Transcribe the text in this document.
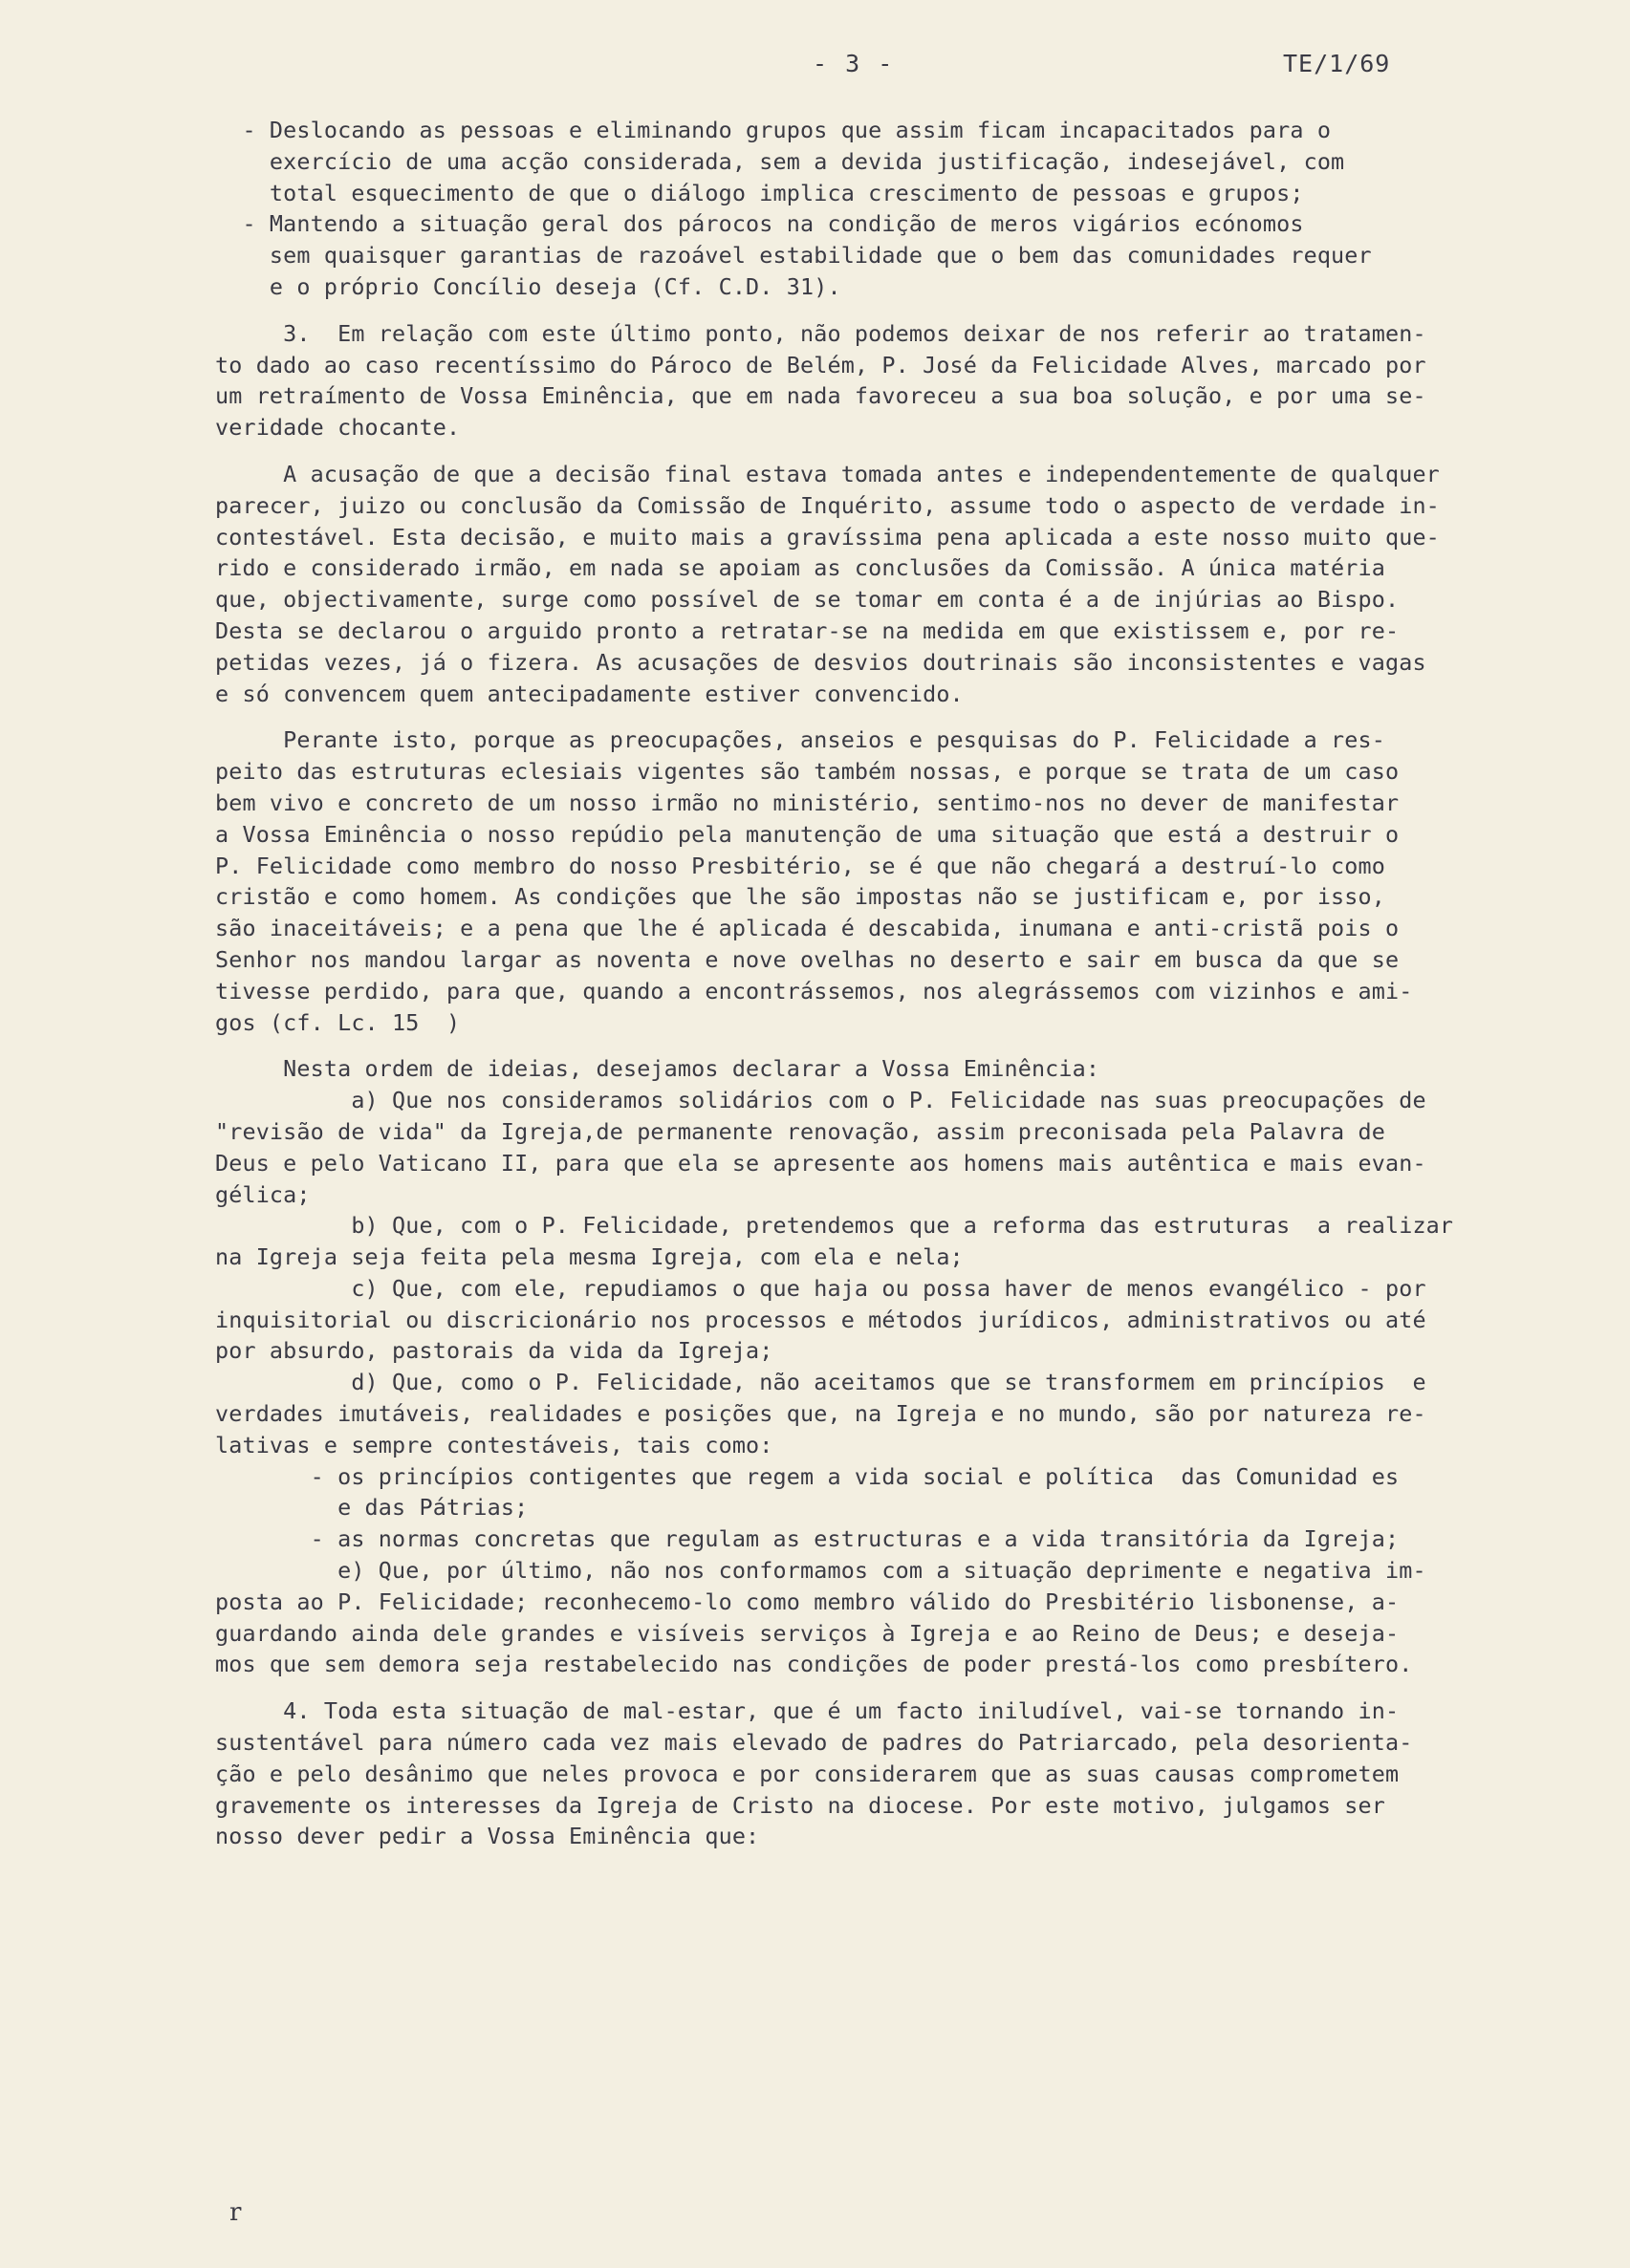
- 3 -	TE/1/69

- Deslocando as pessoas e eliminando grupos que assim ficam incapacitados para o

exercício de uma acção considerada, sem a devida justificação, indesejável, com

total esquecimento de que o diálogo implica crescimento de pessoas e grupos;

- Mantendo a situação geral dos párocos na condição de meros vigários ecónomos

sem quaisquer garantias de razoável estabilidade que o bem das comunidades requer

e o próprio Concílio deseja (Cf. C.D. 31).

3.  Em relação com este último ponto, não podemos deixar de nos referir ao tratamen-

to dado ao caso recentíssimo do Pároco de Belém, P. José da Felicidade Alves, marcado por

um retraímento de Vossa Eminência, que em nada favoreceu a sua boa solução, e por uma se-

veridade chocante.

A acusação de que a decisão final estava tomada antes e independentemente de qualquer

parecer, juizo ou conclusão da Comissão de Inquérito, assume todo o aspecto de verdade in-

contestável. Esta decisão, e muito mais a gravíssima pena aplicada a este nosso muito que-

rido e considerado irmão, em nada se apoiam as conclusões da Comissão. A única matéria

que, objectivamente, surge como possível de se tomar em conta é a de injúrias ao Bispo.

Desta se declarou o arguido pronto a retratar-se na medida em que existissem e, por re-

petidas vezes, já o fizera. As acusações de desvios doutrinais são inconsistentes e vagas

e só convencem quem antecipadamente estiver convencido.

Perante isto, porque as preocupações, anseios e pesquisas do P. Felicidade a res-

peito das estruturas eclesiais vigentes são também nossas, e porque se trata de um caso

bem vivo e concreto de um nosso irmão no ministério, sentimo-nos no dever de manifestar

a Vossa Eminência o nosso repúdio pela manutenção de uma situação que está a destruir o

P. Felicidade como membro do nosso Presbitério, se é que não chegará a destruí-lo como

cristão e como homem. As condições que lhe são impostas não se justificam e, por isso,

são inaceitáveis; e a pena que lhe é aplicada é descabida, inumana e anti-cristã pois o

Senhor nos mandou largar as noventa e nove ovelhas no deserto e sair em busca da que se

tivesse perdido, para que, quando a encontrássemos, nos alegrássemos com vizinhos e ami-

gos (cf. Lc. 15  )

Nesta ordem de ideias, desejamos declarar a Vossa Eminência:

a) Que nos consideramos solidários com o P. Felicidade nas suas preocupações de

"revisão de vida" da Igreja,de permanente renovação, assim preconisada pela Palavra de

Deus e pelo Vaticano II, para que ela se apresente aos homens mais autêntica e mais evan-

gélica;

b) Que, com o P. Felicidade, pretendemos que a reforma das estruturas  a realizar

na Igreja seja feita pela mesma Igreja, com ela e nela;

c) Que, com ele, repudiamos o que haja ou possa haver de menos evangélico - por

inquisitorial ou discricionário nos processos e métodos jurídicos, administrativos ou até

por absurdo, pastorais da vida da Igreja;

d) Que, como o P. Felicidade, não aceitamos que se transformem em princípios  e

verdades imutáveis, realidades e posições que, na Igreja e no mundo, são por natureza re-

lativas e sempre contestáveis, tais como:

- os princípios contigentes que regem a vida social e política  das Comunidad es

e das Pátrias;

- as normas concretas que regulam as estructuras e a vida transitória da Igreja;

e) Que, por último, não nos conformamos com a situação deprimente e negativa im-

posta ao P. Felicidade; reconhecemo-lo como membro válido do Presbitério lisbonense, a-

guardando ainda dele grandes e visíveis serviços à Igreja e ao Reino de Deus; e deseja-

mos que sem demora seja restabelecido nas condições de poder prestá-los como presbítero.

4. Toda esta situação de mal-estar, que é um facto iniludível, vai-se tornando in-

sustentável para número cada vez mais elevado de padres do Patriarcado, pela desorienta-

ção e pelo desânimo que neles provoca e por considerarem que as suas causas comprometem

gravemente os interesses da Igreja de Cristo na diocese. Por este motivo, julgamos ser

nosso dever pedir a Vossa Eminência que:

r
